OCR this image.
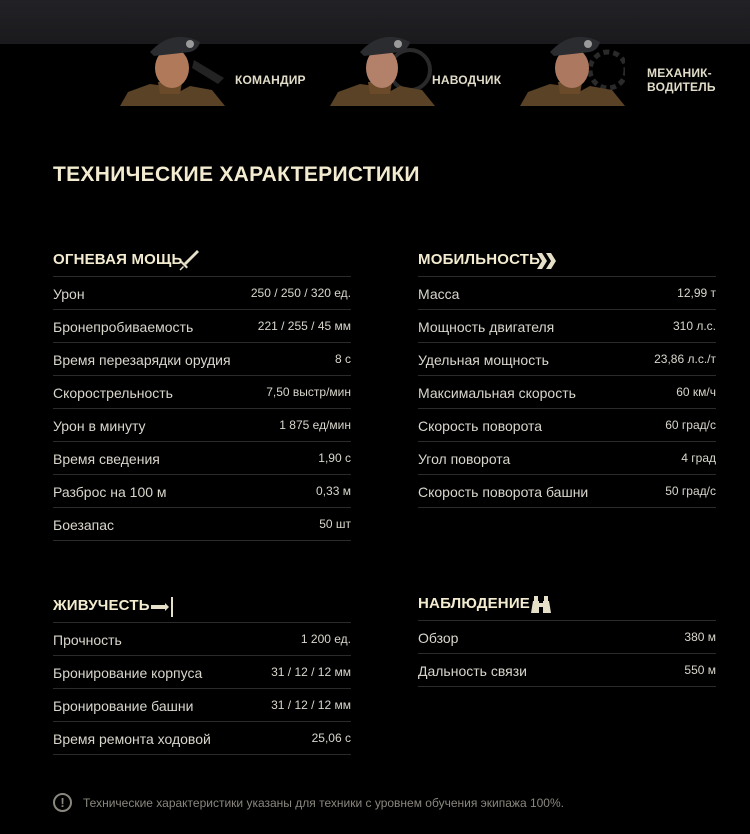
КОМАНДИР	НАВОДЧИК	МЕХАНИК-
ВОДИТЕЛЬ
ТЕХНИЧЕСКИЕ ХАРАКТЕРИСТИКИ
ОГНЕВАЯ МОЩЬ
Урон	250 / 250 / 320 ед.
Бронепробиваемость	221 / 255 / 45 мм
Время перезарядки орудия	8 с
Скорострельность	7,50 выстр/мин
Урон в минуту	1 875 ед/мин
Время сведения	1,90 с
Разброс на 100 м	0,33 м
Боезапас	50 шт
МОБИЛЬНОСТЬ
Масса	12,99 т
Мощность двигателя	310 л.с.
Удельная мощность	23,86 л.с./т
Максимальная скорость	60 км/ч
Скорость поворота	60 град/с
Угол поворота	4 град
Скорость поворота башни	50 град/с
ЖИВУЧЕСТЬ
Прочность	1 200 ед.
Бронирование корпуса	31 / 12 / 12 мм
Бронирование башни	31 / 12 / 12 мм
Время ремонта ходовой	25,06 с
НАБЛЮДЕНИЕ
Обзор	380 м
Дальность связи	550 м
!	Технические характеристики указаны для техники с уровнем обучения экипажа 100%.
